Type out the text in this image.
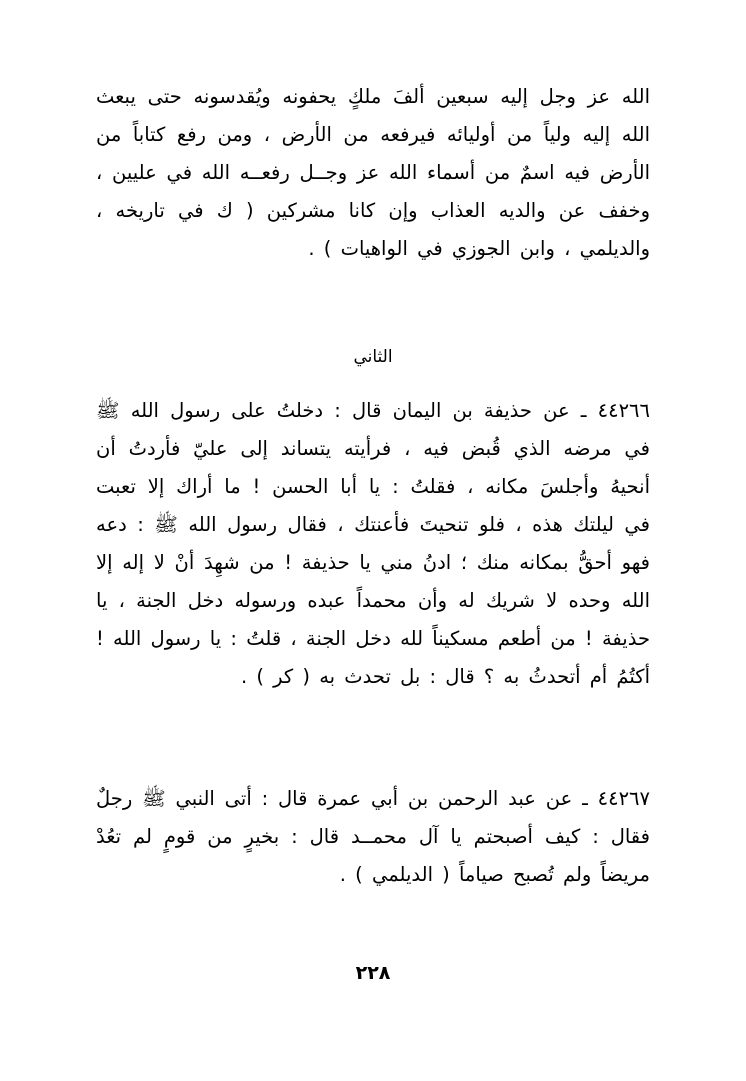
الله عز وجل إليه سبعين ألفَ ملكٍ يحفونه ويُقدسونه حتى يبعث الله إليه ولياً من أوليائه فيرفعه من الأرض ، ومن رفع كتاباً من الأرض فيه اسمٌ من أسماء الله عز وجــل رفعــه الله في عليين ، وخفف عن والديه العذاب وإن كانا مشركين ( ك في تاريخه ، والديلمي ، وابن الجوزي في الواهيات ) .

الثاني

٤٤٢٦٦ ـ عن حذيفة بن اليمان قال : دخلتُ على رسول الله ﷺ في مرضه الذي قُبض فيه ، فرأيته يتساند إلى عليّ فأردتُ أن أنحيهُ وأجلسَ مكانه ، فقلتُ : يا أبا الحسن ! ما أراك إلا تعبت في ليلتك هذه ، فلو تنحيتَ فأعنتك ، فقال رسول الله ﷺ : دعه فهو أحقُّ بمكانه منك ؛ ادنُ مني يا حذيفة ! من شهِدَ أنْ لا إله إلا الله وحده لا شريك له وأن محمداً عبده ورسوله دخل الجنة ، يا حذيفة ! من أطعم مسكيناً لله دخل الجنة ، قلتُ : يا رسول الله ! أكتُمُ أم أتحدثُ به ؟ قال : بل تحدث به ( كر ) .

٤٤٢٦٧ ـ عن عبد الرحمن بن أبي عمرة قال : أتى النبي ﷺ رجلٌ فقال : كيف أصبحتم يا آل محمــد قال : بخيرٍ من قومٍ لم تعُدْ مريضاً ولم تُصبح صياماً ( الديلمي ) .

٢٢٨
